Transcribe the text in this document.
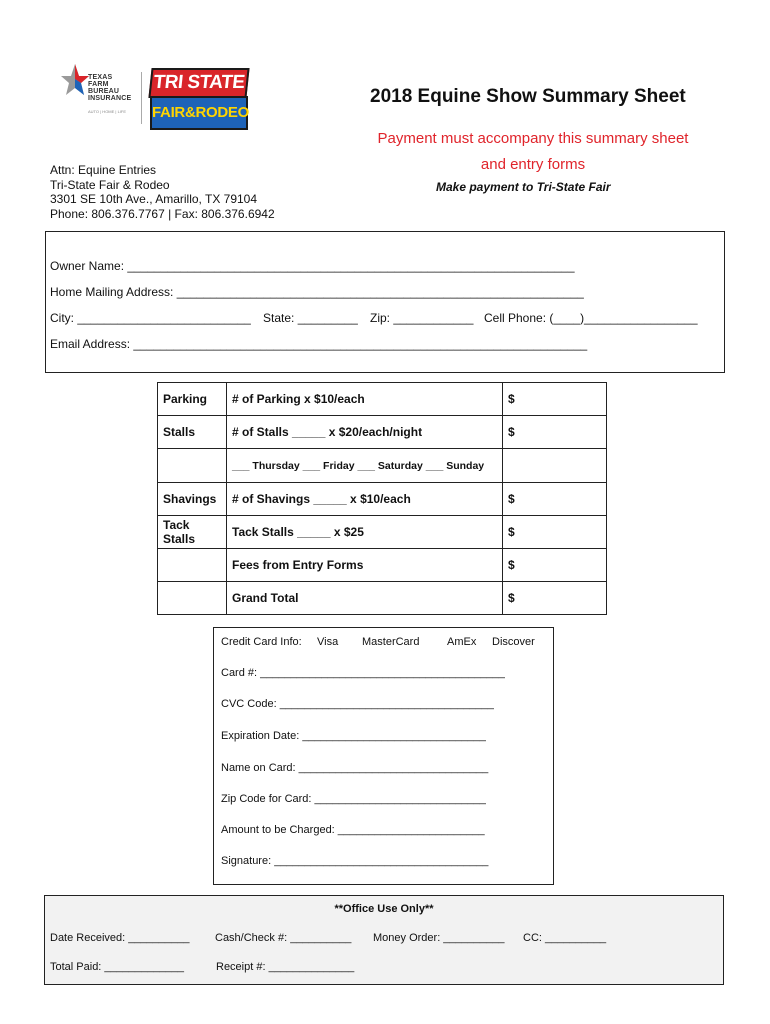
TEXAS
FARM
BUREAU
INSURANCE
AUTO | HOME | LIFE
TRI STATE
FAIR&RODEO
2018 Equine Show Summary Sheet
Payment must accompany this summary sheet
and entry forms
Make payment to Tri-State Fair
Attn: Equine Entries
Tri-State Fair & Rodeo
3301 SE 10th Ave., Amarillo, TX 79104
Phone: 806.376.7767 | Fax: 806.376.6942
Owner Name: ___________________________________________________________________
Home Mailing Address: _____________________________________________________________
City: __________________________ State: _________ Zip: ____________ Cell Phone: (____)_________________
Email Address: ____________________________________________________________________
Parking	# of Parking x $10/each	$
Stalls	# of Stalls _____ x $20/each/night	$
	___ Thursday ___ Friday ___ Saturday ___ Sunday	
Shavings	# of Shavings _____ x $10/each	$
Tack Stalls	Tack Stalls _____ x $25	$
	Fees from Entry Forms	$
	Grand Total	$
Credit Card Info: Visa MasterCard	AmEx Discover
Card #: ________________________________________
CVC Code: ___________________________________
Expiration Date: ______________________________
Name on Card: _______________________________
Zip Code for Card: ____________________________
Amount to be Charged: ________________________
Signature: ___________________________________
**Office Use Only**
Date Received: __________ Cash/Check #: __________ Money Order: __________ CC: __________
Total Paid: _____________	Receipt #: ______________
